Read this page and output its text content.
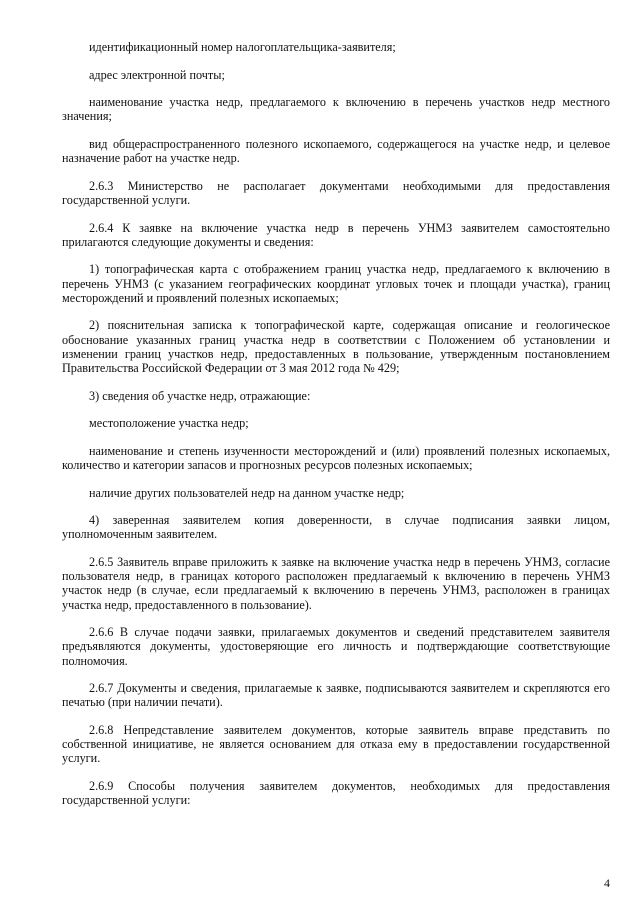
идентификационный номер налогоплательщика-заявителя;

адрес электронной почты;

наименование участка недр, предлагаемого к включению в перечень участков недр местного значения;

вид общераспространенного полезного ископаемого, содержащегося на участке недр, и целевое назначение работ на участке недр.

2.6.3 Министерство не располагает документами необходимыми для предоставления государственной услуги.

2.6.4 К заявке на включение участка недр в перечень УНМЗ заявителем самостоятельно прилагаются следующие документы и сведения:

1) топографическая карта с отображением границ участка недр, предлагаемого к включению в перечень УНМЗ (с указанием географических координат угловых точек и площади участка), границ месторождений и проявлений полезных ископаемых;

2) пояснительная записка к топографической карте, содержащая описание и геологическое обоснование указанных границ участка недр в соответствии с Положением об установлении и изменении границ участков недр, предоставленных в пользование, утвержденным постановлением Правительства Российской Федерации от 3 мая 2012 года № 429;

3) сведения об участке недр, отражающие:

местоположение участка недр;

наименование и степень изученности месторождений и (или) проявлений полезных ископаемых, количество и категории запасов и прогнозных ресурсов полезных ископаемых;

наличие других пользователей недр на данном участке недр;

4) заверенная заявителем копия доверенности, в случае подписания заявки лицом, уполномоченным заявителем.

2.6.5 Заявитель вправе приложить к заявке на включение участка недр в перечень УНМЗ, согласие пользователя недр, в границах которого расположен предлагаемый к включению в перечень УНМЗ участок недр (в случае, если предлагаемый к включению в перечень УНМЗ, расположен в границах участка недр, предоставленного в пользование).

2.6.6 В случае подачи заявки, прилагаемых документов и сведений представителем заявителя предъявляются документы, удостоверяющие его личность и подтверждающие соответствующие полномочия.

2.6.7 Документы и сведения, прилагаемые к заявке, подписываются заявителем и скрепляются его печатью (при наличии печати).

2.6.8 Непредставление заявителем документов, которые заявитель вправе представить по собственной инициативе, не является основанием для отказа ему в предоставлении государственной услуги.

2.6.9 Способы получения заявителем документов, необходимых для предоставления государственной услуги:

4
